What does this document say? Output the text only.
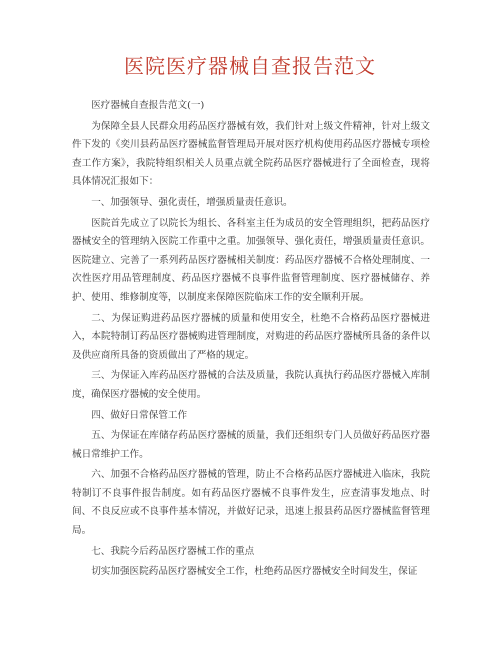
医院医疗器械自查报告范文

医疗器械自查报告范文(一)

为保障全县人民群众用药品医疗器械有效，我们针对上级文件精神，针对上级文件下发的《奕川县药品医疗器械监督管理局开展对医疗机构使用药品医疗器械专项检查工作方案》，我院特组织相关人员重点就全院药品医疗器械进行了全面检查，现将具体情况汇报如下：

一、加强领导、强化责任，增强质量责任意识。

医院首先成立了以院长为组长、各科室主任为成员的安全管理组织，把药品医疗器械安全的管理纳入医院工作重中之重。加强领导、强化责任，增强质量责任意识。医院建立、完善了一系列药品医疗器械相关制度：药品医疗器械不合格处理制度、一次性医疗用品管理制度、药品医疗器械不良事件监督管理制度、医疗器械储存、养护、使用、维修制度等，以制度来保障医院临床工作的安全顺利开展。

二、为保证购进药品医疗器械的质量和使用安全，杜绝不合格药品医疗器械进入，本院特制订药品医疗器械购进管理制度，对购进的药品医疗器械所具备的条件以及供应商所具备的资质做出了严格的规定。

三、为保证入库药品医疗器械的合法及质量，我院认真执行药品医疗器械入库制度，确保医疗器械的安全使用。

四、做好日常保管工作

五、为保证在库储存药品医疗器械的质量，我们还组织专门人员做好药品医疗器械日常维护工作。

六、加强不合格药品医疗器械的管理，防止不合格药品医疗器械进入临床，我院特制订不良事件报告制度。如有药品医疗器械不良事件发生，应查清事发地点、时间、不良反应或不良事件基本情况，并做好记录，迅速上报县药品医疗器械监督管理局。

七、我院今后药品医疗器械工作的重点

切实加强医院药品医疗器械安全工作，杜绝药品医疗器械安全时间发生，保证
